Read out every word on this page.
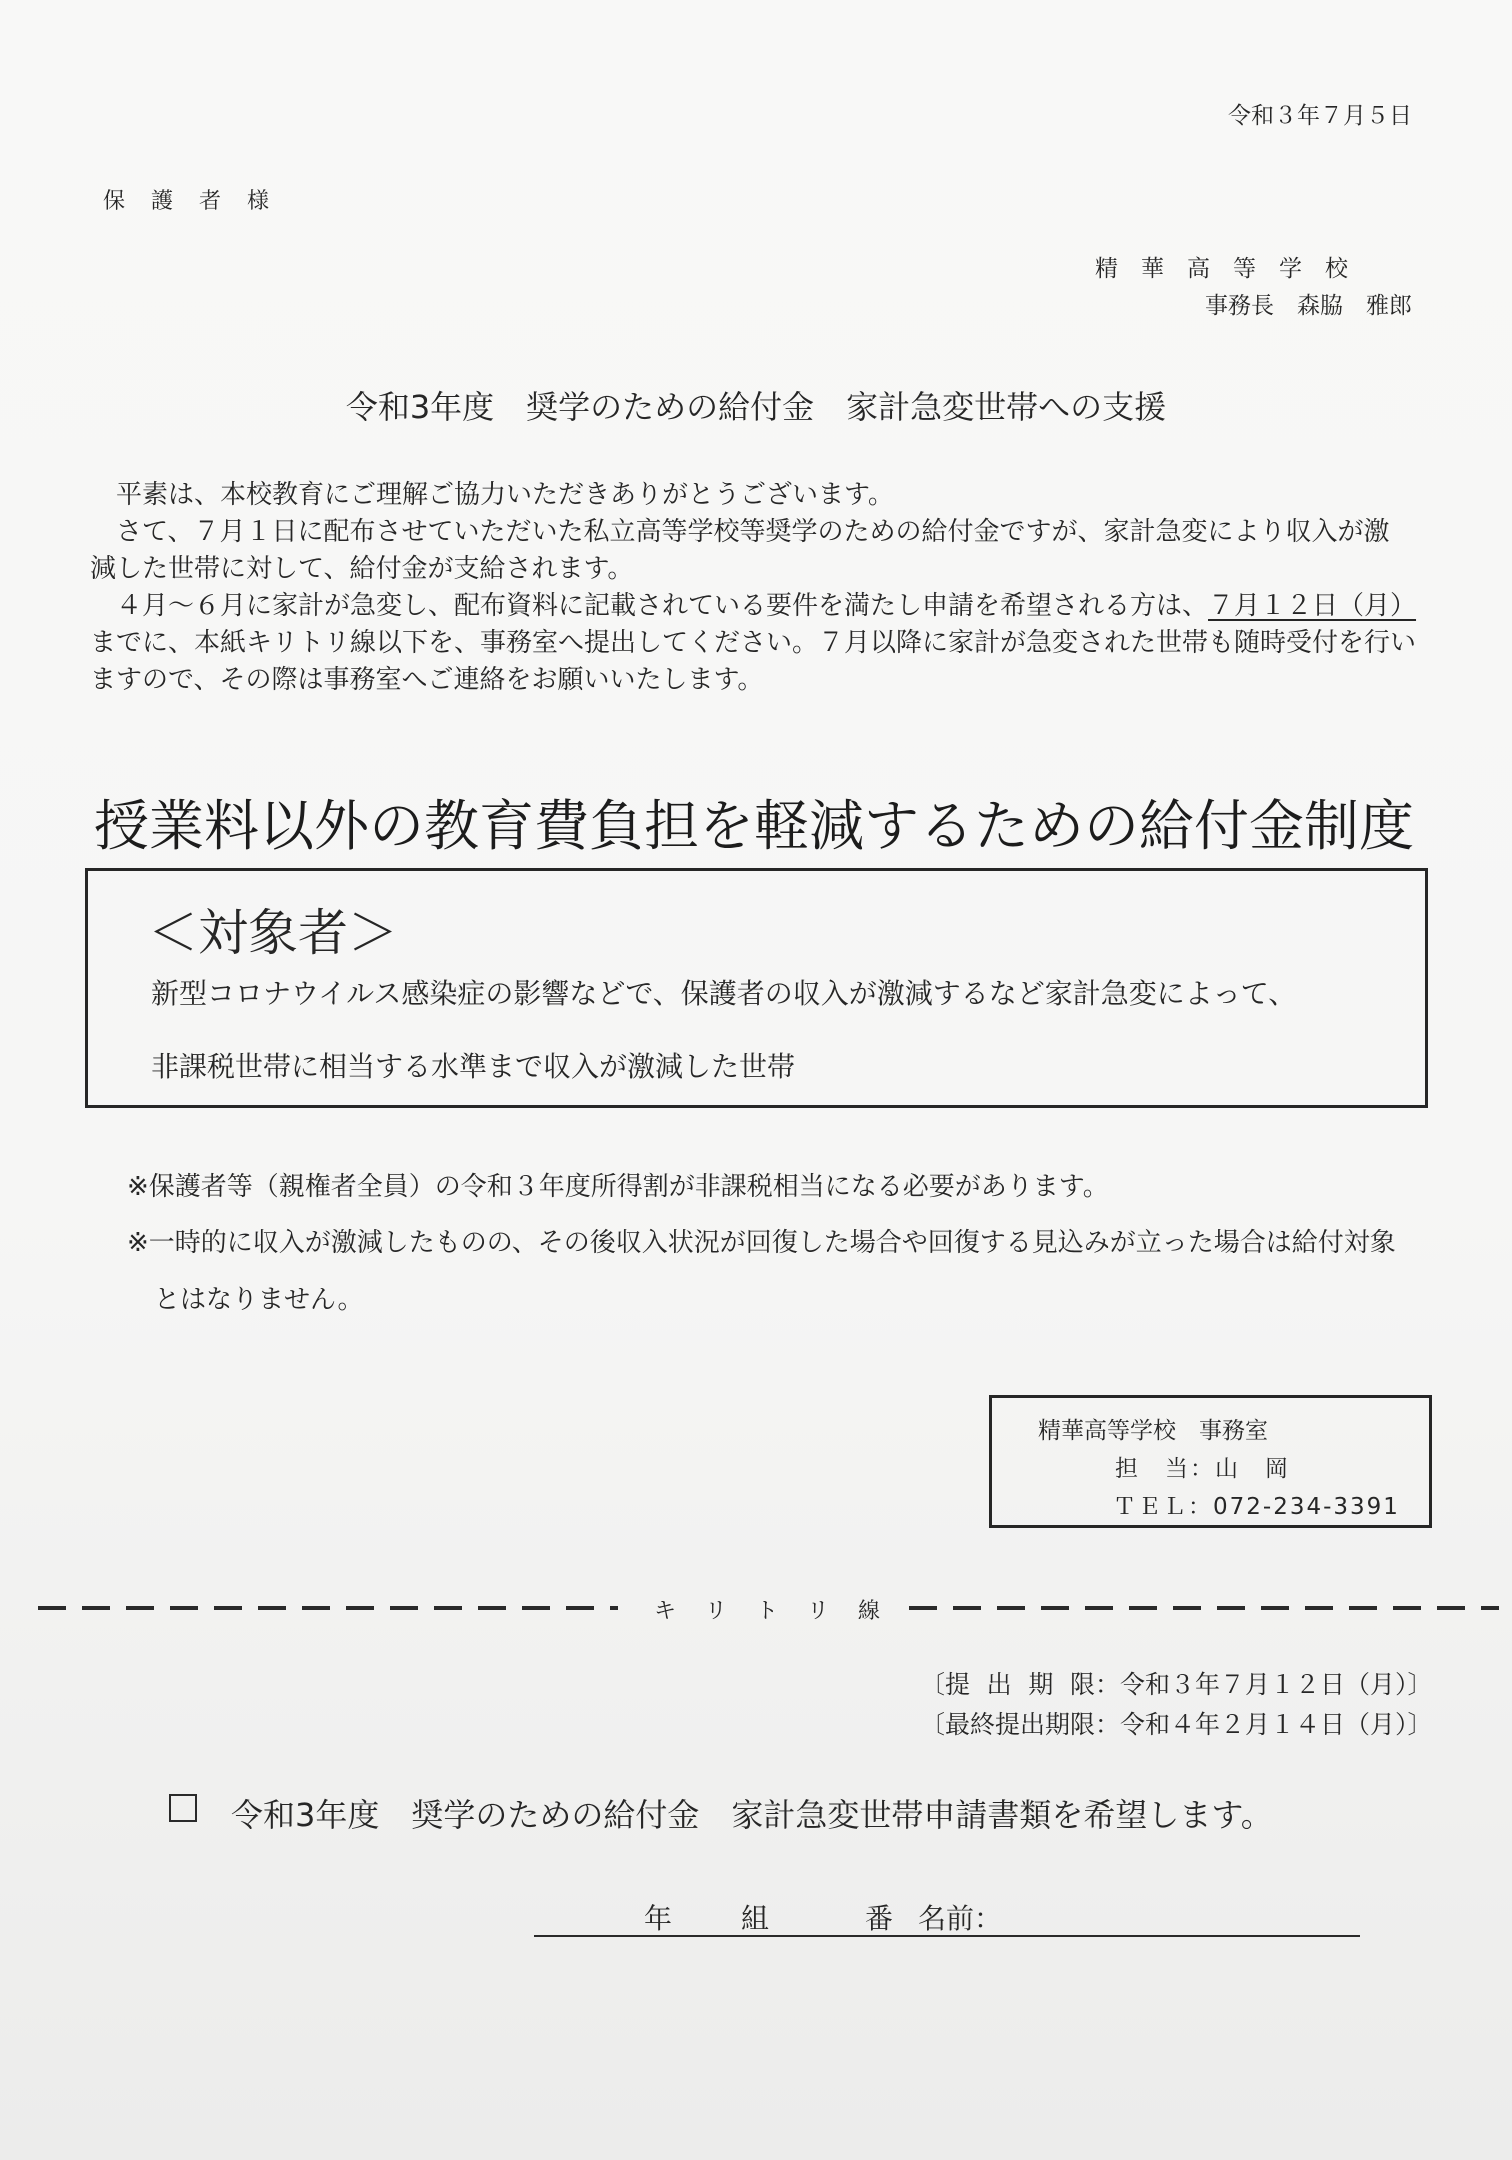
令和３年７月５日
保護者様
精華高等学校
事務長　森脇　雅郎
令和3年度　奨学のための給付金　家計急変世帯への支援
平素は、本校教育にご理解ご協力いただきありがとうございます。
さて、７月１日に配布させていただいた私立高等学校等奨学のための給付金ですが、家計急変により収入が激
減した世帯に対して、給付金が支給されます。
４月～６月に家計が急変し、配布資料に記載されている要件を満たし申請を希望される方は、７月１２日（月）
までに、本紙キリトリ線以下を、事務室へ提出してください。７月以降に家計が急変された世帯も随時受付を行い
ますので、その際は事務室へご連絡をお願いいたします。
授業料以外の教育費負担を軽減するための給付金制度
＜対象者＞
新型コロナウイルス感染症の影響などで、保護者の収入が激減するなど家計急変によって、
非課税世帯に相当する水準まで収入が激減した世帯
※保護者等（親権者全員）の令和３年度所得割が非課税相当になる必要があります。
※一時的に収入が激減したものの、その後収入状況が回復した場合や回復する見込みが立った場合は給付対象
とはなりません。
精華高等学校　事務室
担　当：山　岡
ＴＥＬ：072-234-3391
キリトリ線
〔提出期限：令和３年７月１２日（月）〕
〔最終提出期限：令和４年２月１４日（月）〕
令和3年度　奨学のための給付金　家計急変世帯申請書類を希望します。
年 組	番 名前：
